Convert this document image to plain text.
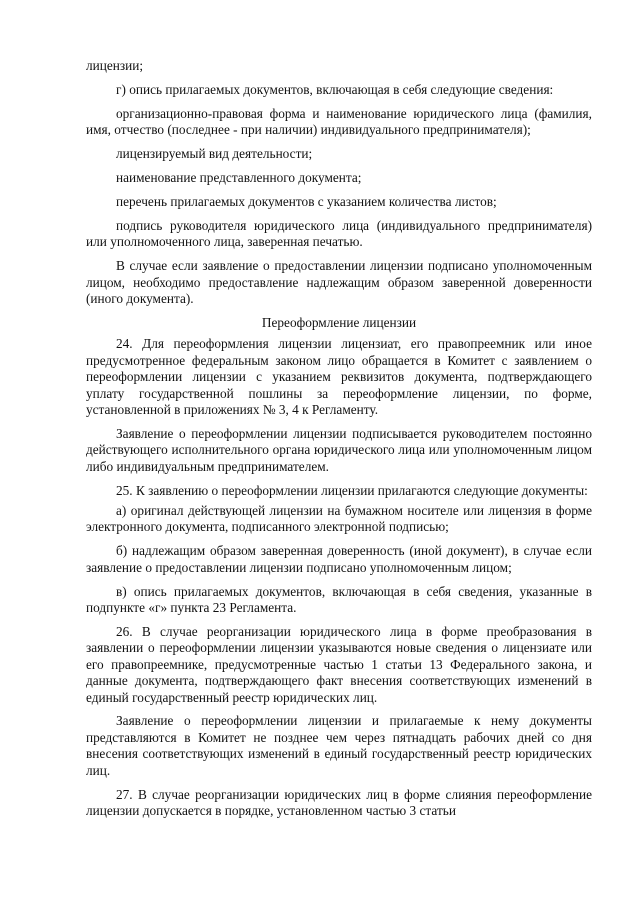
лицензии;

г) опись прилагаемых документов, включающая в себя следующие сведения:

организационно-правовая форма и наименование юридического лица (фамилия, имя, отчество (последнее - при наличии) индивидуального предпринимателя);

лицензируемый вид деятельности;

наименование представленного документа;

перечень прилагаемых документов с указанием количества листов;

подпись руководителя юридического лица (индивидуального предпринимателя) или уполномоченного лица, заверенная печатью.

В случае если заявление о предоставлении лицензии подписано уполномоченным лицом, необходимо предоставление надлежащим образом заверенной доверенности (иного документа).

Переоформление лицензии

24. Для переоформления лицензии лицензиат, его правопреемник или иное предусмотренное федеральным законом лицо обращается в Комитет с заявлением о переоформлении лицензии с указанием реквизитов документа, подтверждающего уплату государственной пошлины за переоформление лицензии, по форме, установленной в приложениях № 3, 4 к Регламенту.

Заявление о переоформлении лицензии подписывается руководителем постоянно действующего исполнительного органа юридического лица или уполномоченным лицом либо индивидуальным предпринимателем.

25. К заявлению о переоформлении лицензии прилагаются следующие документы:

а) оригинал действующей лицензии на бумажном носителе или лицензия в форме электронного документа, подписанного электронной подписью;

б) надлежащим образом заверенная доверенность (иной документ), в случае если заявление о предоставлении лицензии подписано уполномоченным лицом;

в) опись прилагаемых документов, включающая в себя сведения, указанные в подпункте «г» пункта 23 Регламента.

26. В случае реорганизации юридического лица в форме преобразования в заявлении о переоформлении лицензии указываются новые сведения о лицензиате или его правопреемнике, предусмотренные частью 1 статьи 13 Федерального закона, и данные документа, подтверждающего факт внесения соответствующих изменений в единый государственный реестр юридических лиц.

Заявление о переоформлении лицензии и прилагаемые к нему документы представляются в Комитет не позднее чем через пятнадцать рабочих дней со дня внесения соответствующих изменений в единый государственный реестр юридических лиц.

27. В случае реорганизации юридических лиц в форме слияния переоформление лицензии допускается в порядке, установленном частью 3 статьи
